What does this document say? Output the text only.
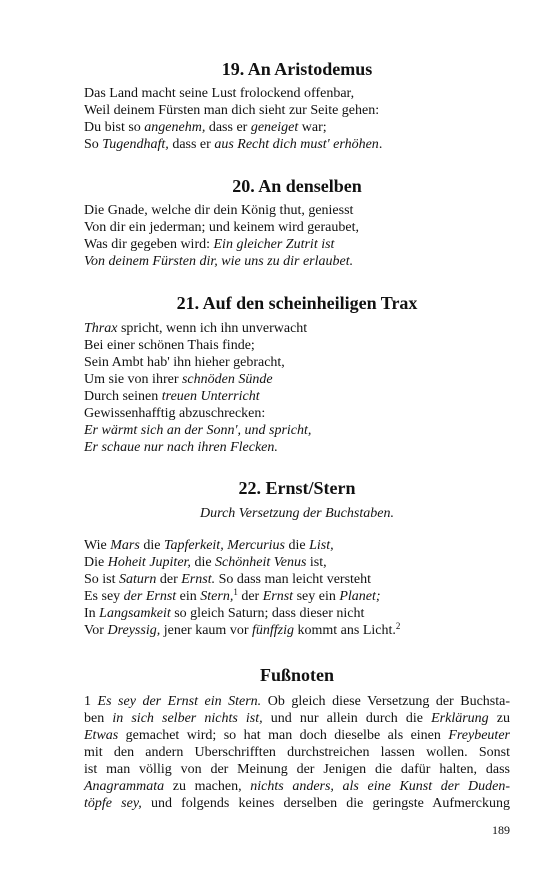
19. An Aristodemus
Das Land macht seine Lust frolockend offenbar,
Weil deinem Fürsten man dich sieht zur Seite gehen:
Du bist so angenehm, dass er geneiget war;
So Tugendhaft, dass er aus Recht dich must' erhöhen.
20. An denselben
Die Gnade, welche dir dein König thut, geniesst
Von dir ein jederman; und keinem wird geraubet,
Was dir gegeben wird: Ein gleicher Zutrit ist
Von deinem Fürsten dir, wie uns zu dir erlaubet.
21. Auf den scheinheiligen Trax
Thrax spricht, wenn ich ihn unverwacht
Bei einer schönen Thais finde;
Sein Ambt hab' ihn hieher gebracht,
Um sie von ihrer schnöden Sünde
Durch seinen treuen Unterricht
Gewissenhafftig abzuschrecken:
Er wärmt sich an der Sonn', und spricht,
Er schaue nur nach ihren Flecken.
22. Ernst/Stern

Durch Versetzung der Buchstaben.

Wie Mars die Tapferkeit, Mercurius die List,
Die Hoheit Jupiter, die Schönheit Venus ist,
So ist Saturn der Ernst. So dass man leicht versteht
Es sey der Ernst ein Stern,$^1$ der Ernst sey ein Planet;
In Langsamkeit so gleich Saturn; dass dieser nicht
Vor Dreyssig, jener kaum vor fünffzig kommt ans Licht.$^2$
Fußnoten
1 Es sey der Ernst ein Stern. Ob gleich diese Versetzung der Buchsta-
ben in sich selber nichts ist, und nur allein durch die Erklärung zu
Etwas gemachet wird; so hat man doch dieselbe als einen Freybeuter
mit den andern Uberschrifften durchstreichen lassen wollen. Sonst
ist man völlig von der Meinung der Jenigen die dafür halten, dass
Anagrammata zu machen, nichts anders, als eine Kunst der Duden-
töpfe sey, und folgends keines derselben die geringste Aufmerckung
189
